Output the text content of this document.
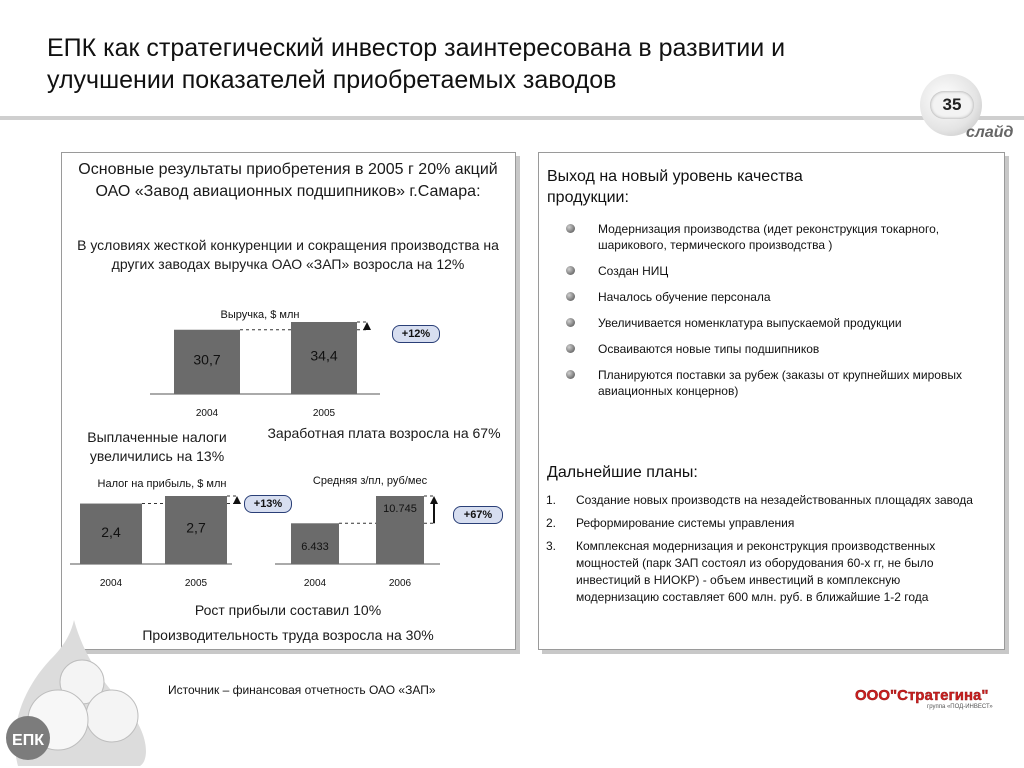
ЕПК как стратегический инвестор заинтересована в развитии и улучшении показателей приобретаемых заводов
35
слайд
Основные результаты приобретения в 2005 г 20% акций ОАО «Завод авиационных подшипников» г.Самара:
В условиях жесткой конкуренции и сокращения производства на других заводах выручка ОАО «ЗАП» возросла на 12%
Выручка, $ млн
Выплаченные налоги увеличились на 13%
Налог на прибыль, $ млн
Заработная плата возросла на 67%
Средняя з/пл, руб/мес
30,7
2004
34,4
2005
2,4
2004
2,7
2005
6.433
2004
10.745
2006
+12%
+13%
+67%
Рост прибыли составил 10%
Производительность труда возросла на 30%
Выход на новый уровень качества продукции:
Модернизация производства (идет реконструкция токарного, шарикового, термического производства )
Создан НИЦ
Началось обучение персонала
Увеличивается номенклатура выпускаемой продукции
Осваиваются новые типы подшипников
Планируются поставки за рубеж (заказы от крупнейших мировых авиационных концернов)
Дальнейшие планы:
1. Создание новых производств на незадействованных площадях завода
2. Реформирование системы управления
3. Комплексная модернизация и реконструкция производственных мощностей (парк ЗАП состоял из оборудования 60-х гг, не было инвестиций в НИОКР) - объем инвестиций в комплексную модернизацию составляет 600 млн. руб. в ближайшие 1-2 года
Источник – финансовая отчетность ОАО «ЗАП»
ЕПК
ООО"Стратегина"
группа «ПОД-ИНВЕСТ»
